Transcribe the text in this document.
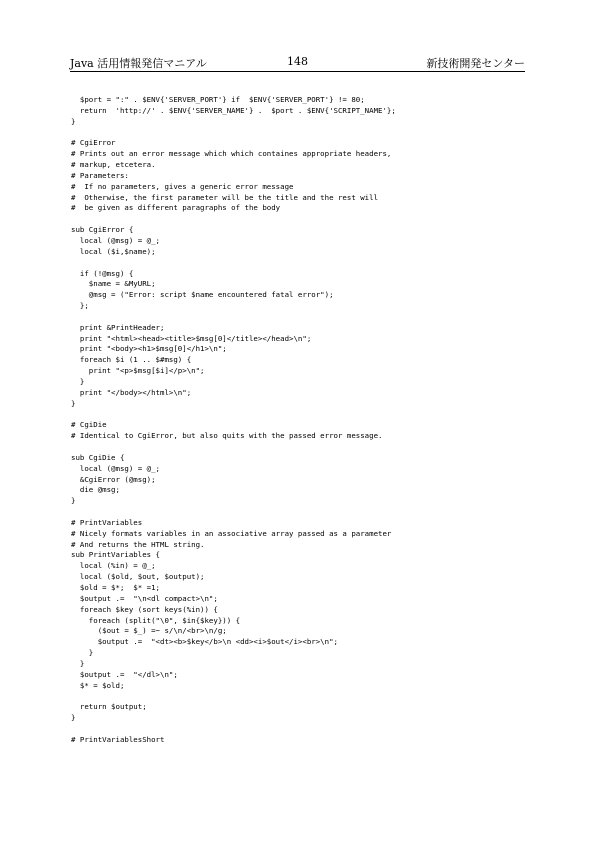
Java 活用情報発信マニアル	148	新技術開発センター
$port = ":" . $ENV{'SERVER_PORT'} if  $ENV{'SERVER_PORT'} != 80;
return  'http://' . $ENV{'SERVER_NAME'} .  $port . $ENV{'SCRIPT_NAME'};
}

# CgiError
# Prints out an error message which which containes appropriate headers,
# markup, etcetera.
# Parameters:
#  If no parameters, gives a generic error message
#  Otherwise, the first parameter will be the title and the rest will
#  be given as different paragraphs of the body

sub CgiError {
local (@msg) = @_;
local ($i,$name);

if (!@msg) {
$name = &MyURL;
@msg = ("Error: script $name encountered fatal error");
};

print &PrintHeader;
print "<html><head><title>$msg[0]</title></head>\n";
print "<body><h1>$msg[0]</h1>\n";
foreach $i (1 .. $#msg) {
print "<p>$msg[$i]</p>\n";
}
print "</body></html>\n";
}

# CgiDie
# Identical to CgiError, but also quits with the passed error message.

sub CgiDie {
local (@msg) = @_;
&CgiError (@msg);
die @msg;
}

# PrintVariables
# Nicely formats variables in an associative array passed as a parameter
# And returns the HTML string.
sub PrintVariables {
local (%in) = @_;
local ($old, $out, $output);
$old = $*;  $* =1;
$output .=  "\n<dl compact>\n";
foreach $key (sort keys(%in)) {
foreach (split("\0", $in{$key})) {
($out = $_) =~ s/\n/<br>\n/g;
$output .=  "<dt><b>$key</b>\n <dd><i>$out</i><br>\n";
}
}
$output .=  "</dl>\n";
$* = $old;

return $output;
}

# PrintVariablesShort
